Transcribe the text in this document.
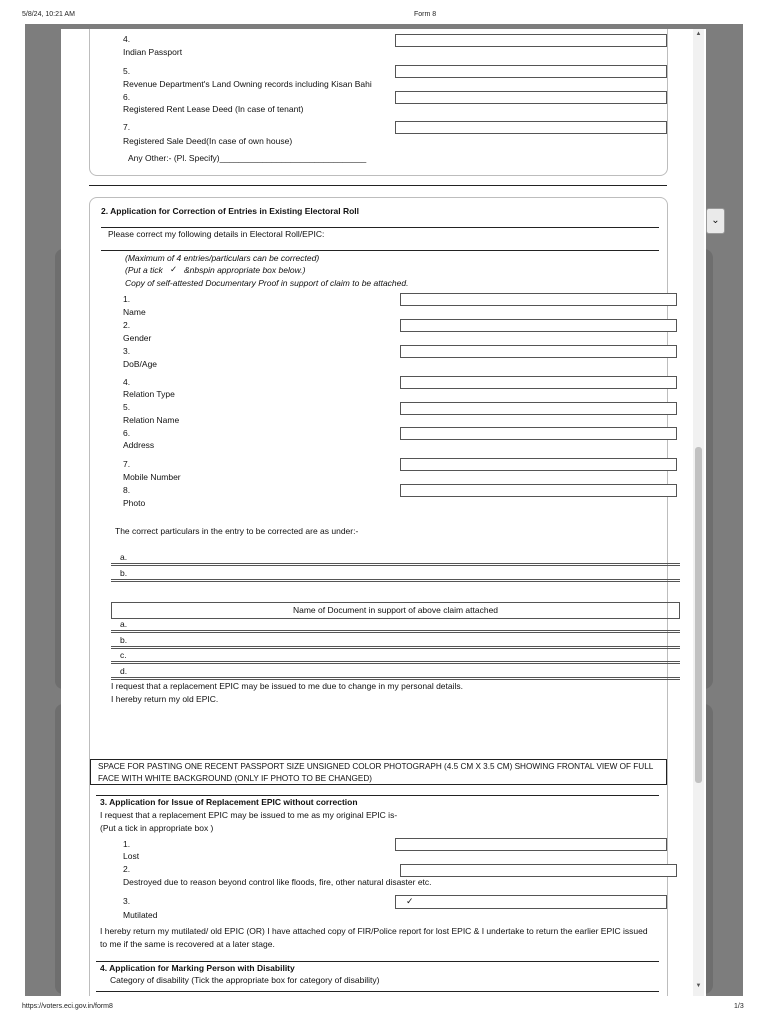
5/8/24, 10:21 AM	Form 8
⌄
4.
Indian Passport
5.
Revenue Department's Land Owning records including Kisan Bahi
6.
Registered Rent Lease Deed (In case of tenant)
7.
Registered Sale Deed(In case of own house)
Any Other:- (Pl. Specify)_______________________________
2. Application for Correction of Entries in Existing Electoral Roll
Please correct my following details in Electoral Roll/EPIC:
(Maximum of 4 entries/particulars can be corrected)
(Put a tick ✓ &nbspin appropriate box below.)
Copy of self-attested Documentary Proof in support of claim to be attached.
1.
Name
2.
Gender
3.
DoB/Age
4.
Relation Type
5.
Relation Name
6.
Address
7.
Mobile Number
8.
Photo
The correct particulars in the entry to be corrected are as under:-
a.
b.
Name of Document in support of above claim attached
a.
b.
c.
d.
I request that a replacement EPIC may be issued to me due to change in my personal details.
I hereby return my old EPIC.
SPACE FOR PASTING ONE RECENT PASSPORT SIZE UNSIGNED COLOR PHOTOGRAPH (4.5 CM X 3.5 CM) SHOWING FRONTAL VIEW OF FULL
FACE WITH WHITE BACKGROUND (ONLY IF PHOTO TO BE CHANGED)
3. Application for Issue of Replacement EPIC without correction
I request that a replacement EPIC may be issued to me as my original EPIC is-
(Put a tick in appropriate box )
1.
Lost
2.
Destroyed due to reason beyond control like floods, fire, other natural disaster etc.
3.
Mutilated
✓
I hereby return my mutilated/ old EPIC (OR) I have attached copy of FIR/Police report for lost EPIC & I undertake to return the earlier EPIC issued
to me if the same is recovered at a later stage.
4. Application for Marking Person with Disability
Category of disability (Tick the appropriate box for category of disability)
▲
▼
https://voters.eci.gov.in/form8	1/3
